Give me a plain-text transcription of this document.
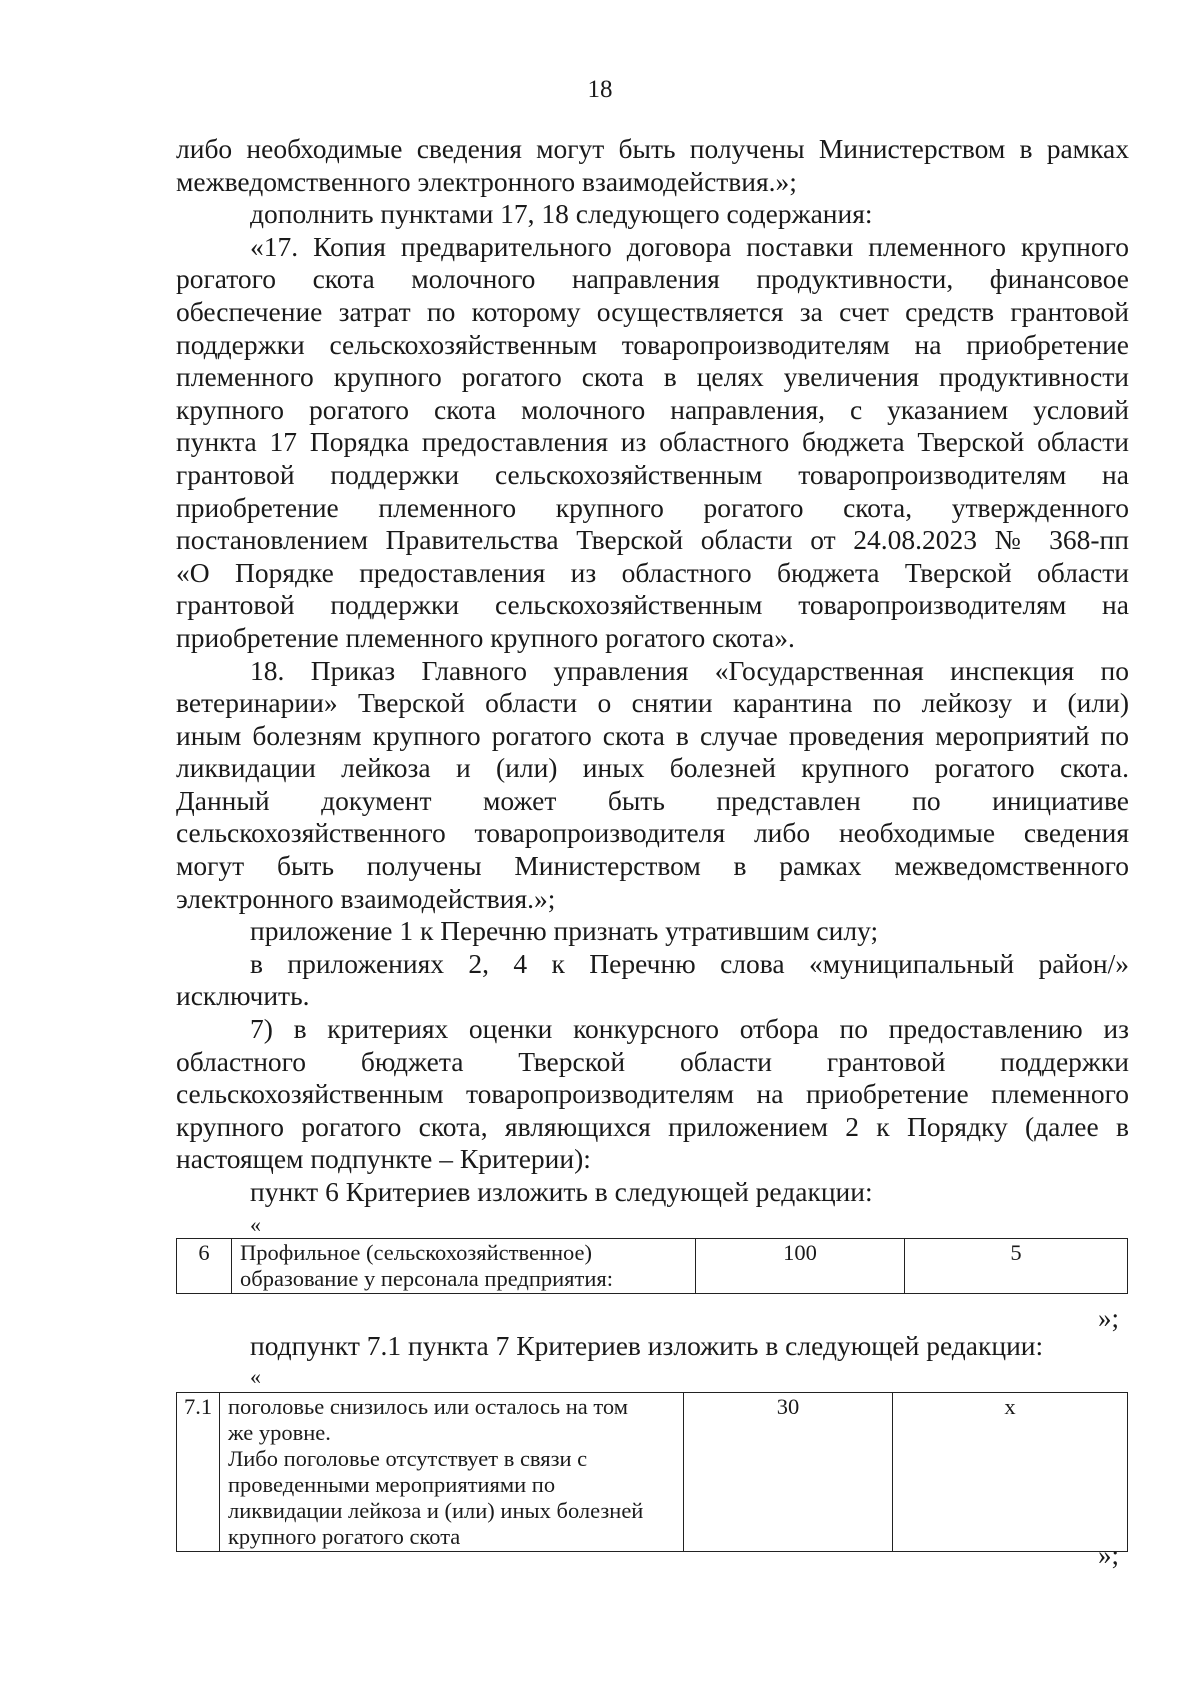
18

либо необходимые сведения могут быть получены Министерством в рамках

межведомственного электронного взаимодействия.»;

дополнить пунктами 17, 18 следующего содержания:

«17. Копия предварительного договора поставки племенного крупного

рогатого скота молочного направления продуктивности, финансовое

обеспечение затрат по которому осуществляется за счет средств грантовой

поддержки сельскохозяйственным товаропроизводителям на приобретение

племенного крупного рогатого скота в целях увеличения продуктивности

крупного рогатого скота молочного направления, с указанием условий

пункта 17 Порядка предоставления из областного бюджета Тверской области

грантовой поддержки сельскохозяйственным товаропроизводителям на

приобретение племенного крупного рогатого скота, утвержденного

постановлением Правительства Тверской области от 24.08.2023 № 368-пп

«О Порядке предоставления из областного бюджета Тверской области

грантовой поддержки сельскохозяйственным товаропроизводителям на

приобретение племенного крупного рогатого скота».

18. Приказ Главного управления «Государственная инспекция по

ветеринарии» Тверской области о снятии карантина по лейкозу и (или)

иным болезням крупного рогатого скота в случае проведения мероприятий по

ликвидации лейкоза и (или) иных болезней крупного рогатого скота.

Данный документ может быть представлен по инициативе

сельскохозяйственного товаропроизводителя либо необходимые сведения

могут быть получены Министерством в рамках межведомственного

электронного взаимодействия.»;

приложение 1 к Перечню признать утратившим силу;

в приложениях 2, 4 к Перечню слова «муниципальный район/»

исключить.

7) в критериях оценки конкурсного отбора по предоставлению из

областного бюджета Тверской области грантовой поддержки

сельскохозяйственным товаропроизводителям на приобретение племенного

крупного рогатого скота, являющихся приложением 2 к Порядку (далее в

настоящем подпункте – Критерии):

пункт 6 Критериев изложить в следующей редакции:

«
6	Профильное (сельскохозяйственное) образование у персонала предприятия:	100	5
»;

подпункт 7.1 пункта 7 Критериев изложить в следующей редакции:

«
7.1	поголовье снизилось или осталось на том
же уровне.
Либо поголовье отсутствует в связи с
проведенными мероприятиями по
ликвидации лейкоза и (или) иных болезней
крупного рогатого скота
	30	х
»;
